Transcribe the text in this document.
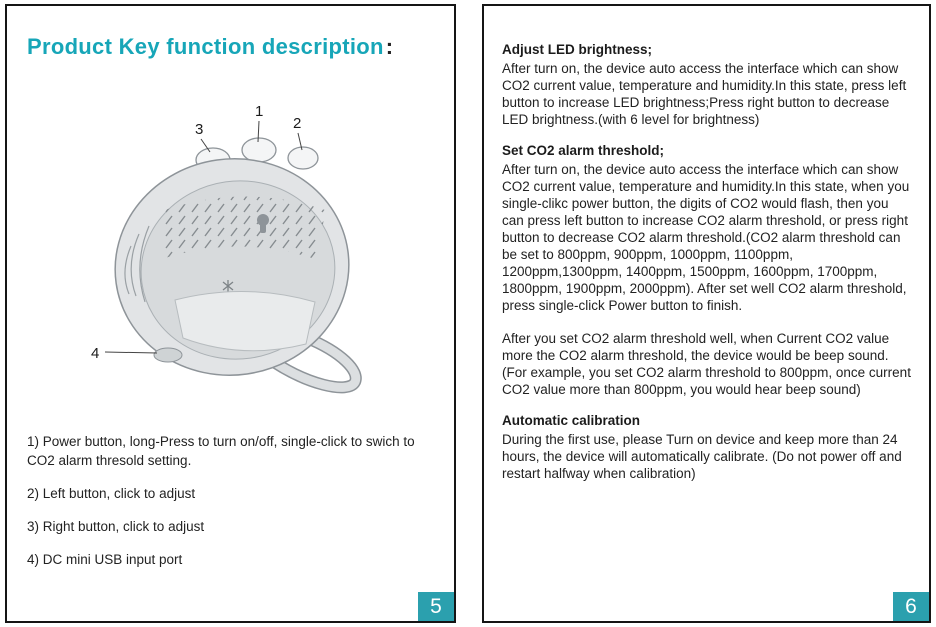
Product Key function description:
1
2
3
4

1) Power button, long-Press to turn on/off, single-click to swich to CO2 alarm thresold setting.

2) Left button, click to adjust

3) Right button, click to adjust

4) DC mini USB input port

5
Adjust LED brightness;

After turn on, the device auto access the interface which can show CO2 current value, temperature and humidity.In this state, press left button to increase LED brightness;Press right button to decrease LED brightness.(with 6 level for brightness)

Set CO2 alarm threshold;

After turn on, the device auto access the interface which can show CO2 current value, temperature and humidity.In this state, when you single-clikc power button, the digits of CO2 would flash, then you can press left button to increase CO2 alarm threshold, or press right button to decrease CO2 alarm threshold.(CO2 alarm threshold can be set to 800ppm, 900ppm, 1000ppm, 1100ppm, 1200ppm,1300ppm, 1400ppm, 1500ppm, 1600ppm, 1700ppm, 1800ppm, 1900ppm, 2000ppm). After set well CO2 alarm threshold, press single-click Power button to finish.

After you set CO2 alarm threshold well, when Current CO2 value more the CO2 alarm threshold, the device would be beep sound. (For example, you set CO2 alarm threshold to 800ppm, once current CO2 value more than 800ppm, you would hear beep sound)

Automatic calibration

During the first use, please Turn on device and keep more than 24 hours, the device will automatically calibrate. (Do not power off and restart halfway when calibration)

6
